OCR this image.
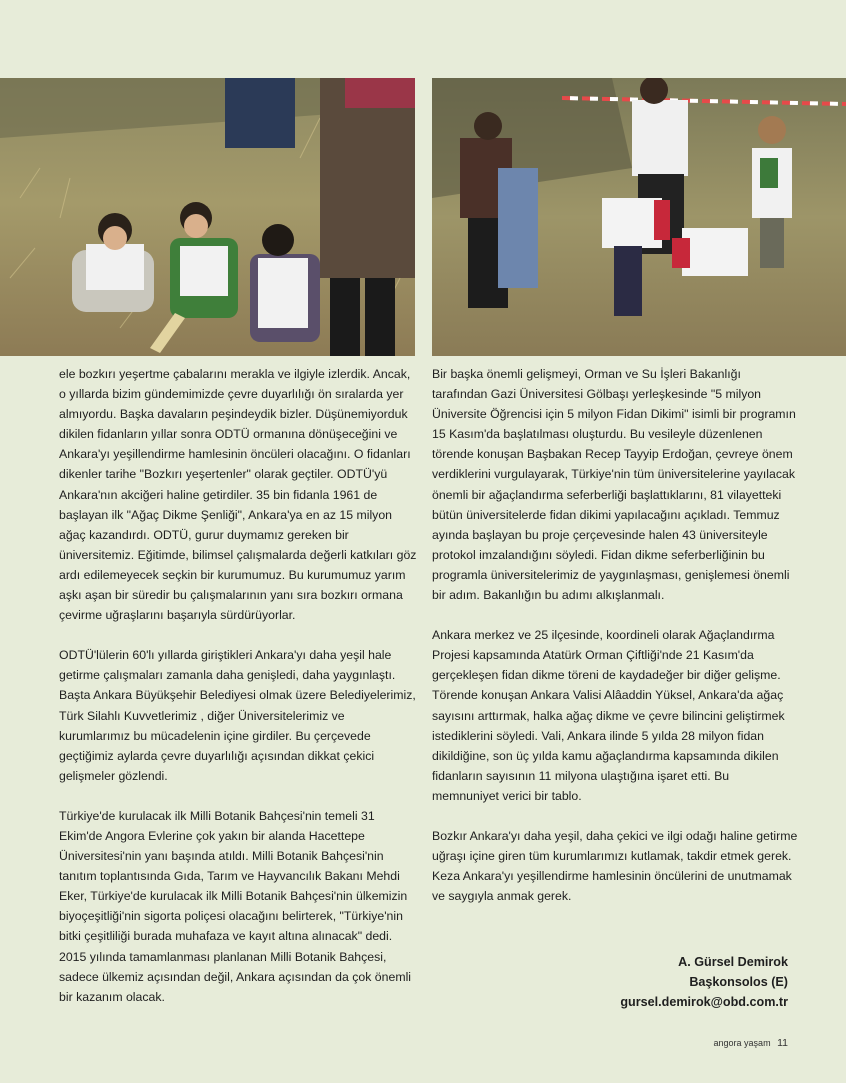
ele bozkırı yeşertme çabalarını merakla ve ilgiyle izlerdik. Ancak, o yıllarda bizim gündemimizde çevre duyarlılığı ön sıralarda yer almıyordu. Başka davaların peşindeydik bizler. Düşünemiyorduk dikilen fidanların yıllar sonra ODTÜ ormanına dönüşeceğini ve Ankara'yı yeşillendirme hamlesinin öncüleri olacağını. O fidanları dikenler tarihe "Bozkırı yeşertenler" olarak geçtiler. ODTÜ'yü Ankara'nın akciğeri haline getirdiler. 35 bin fidanla 1961 de başlayan ilk "Ağaç Dikme Şenliği", Ankara'ya en az 15 milyon ağaç kazandırdı. ODTÜ, gurur duymamız gereken bir üniversitemiz. Eğitimde, bilimsel çalışmalarda değerli katkıları göz ardı edilemeyecek seçkin bir kurumumuz. Bu kurumumuz yarım aşkı aşan bir süredir bu çalışmalarının yanı sıra bozkırı ormana çevirme uğraşlarını başarıyla sürdürüyorlar.

ODTÜ'lülerin 60'lı yıllarda giriştikleri Ankara'yı daha yeşil hale getirme çalışmaları zamanla daha genişledi, daha yaygınlaştı. Başta Ankara Büyükşehir Belediyesi olmak üzere Belediyelerimiz, Türk Silahlı Kuvvetlerimiz , diğer Üniversitelerimiz ve kurumlarımız bu mücadelenin içine girdiler. Bu çerçevede geçtiğimiz aylarda çevre duyarlılığı açısından dikkat çekici gelişmeler gözlendi.

Türkiye'de kurulacak ilk Milli Botanik Bahçesi'nin temeli 31 Ekim'de Angora Evlerine çok yakın bir alanda Hacettepe Üniversitesi'nin yanı başında atıldı. Milli Botanik Bahçesi'nin tanıtım toplantısında Gıda, Tarım ve Hayvancılık Bakanı Mehdi Eker, Türkiye'de kurulacak ilk Milli Botanik Bahçesi'nin ülkemizin biyoçeşitliği'nin sigorta poliçesi olacağını belirterek, "Türkiye'nin bitki çeşitliliği burada muhafaza ve kayıt altına alınacak" dedi. 2015 yılında tamamlanması planlanan Milli Botanik Bahçesi, sadece ülkemiz açısından değil, Ankara açısından da çok önemli bir kazanım olacak.

Bir başka önemli gelişmeyi, Orman ve Su İşleri Bakanlığı tarafından Gazi Üniversitesi Gölbaşı yerleşkesinde "5 milyon Üniversite Öğrencisi için 5 milyon Fidan Dikimi" isimli bir programın 15 Kasım'da başlatılması oluşturdu. Bu vesileyle düzenlenen törende konuşan Başbakan Recep Tayyip Erdoğan, çevreye önem verdiklerini vurgulayarak, Türkiye'nin tüm üniversitelerine yayılacak önemli bir ağaçlandırma seferberliği başlattıklarını, 81 vilayetteki bütün üniversitelerde fidan dikimi yapılacağını açıkladı. Temmuz ayında başlayan bu proje çerçevesinde halen 43 üniversiteyle protokol imzalandığını söyledi. Fidan dikme seferberliğinin bu programla üniversitelerimiz de yaygınlaşması, genişlemesi önemli bir adım. Bakanlığın bu adımı alkışlanmalı.

Ankara merkez ve 25 ilçesinde, koordineli olarak Ağaçlandırma Projesi kapsamında Atatürk Orman Çiftliği'nde 21 Kasım'da gerçekleşen fidan dikme töreni de kaydadeğer bir diğer gelişme. Törende konuşan Ankara Valisi Alâaddin Yüksel, Ankara'da ağaç sayısını arttırmak, halka ağaç dikme ve çevre bilincini geliştirmek istediklerini söyledi. Vali, Ankara ilinde 5 yılda 28 milyon fidan dikildiğine, son üç yılda kamu ağaçlandırma kapsamında dikilen fidanların sayısının 11 milyona ulaştığına işaret etti. Bu memnuniyet verici bir tablo.

Bozkır Ankara'yı daha yeşil, daha çekici ve ilgi odağı haline getirme uğraşı içine giren tüm kurumlarımızı kutlamak, takdir etmek gerek. Keza Ankara'yı yeşillendirme hamlesinin öncülerini de unutmamak ve saygıyla anmak gerek.

A. Gürsel Demirok
Başkonsolos (E)
gursel.demirok@obd.com.tr
angora yaşam 11
